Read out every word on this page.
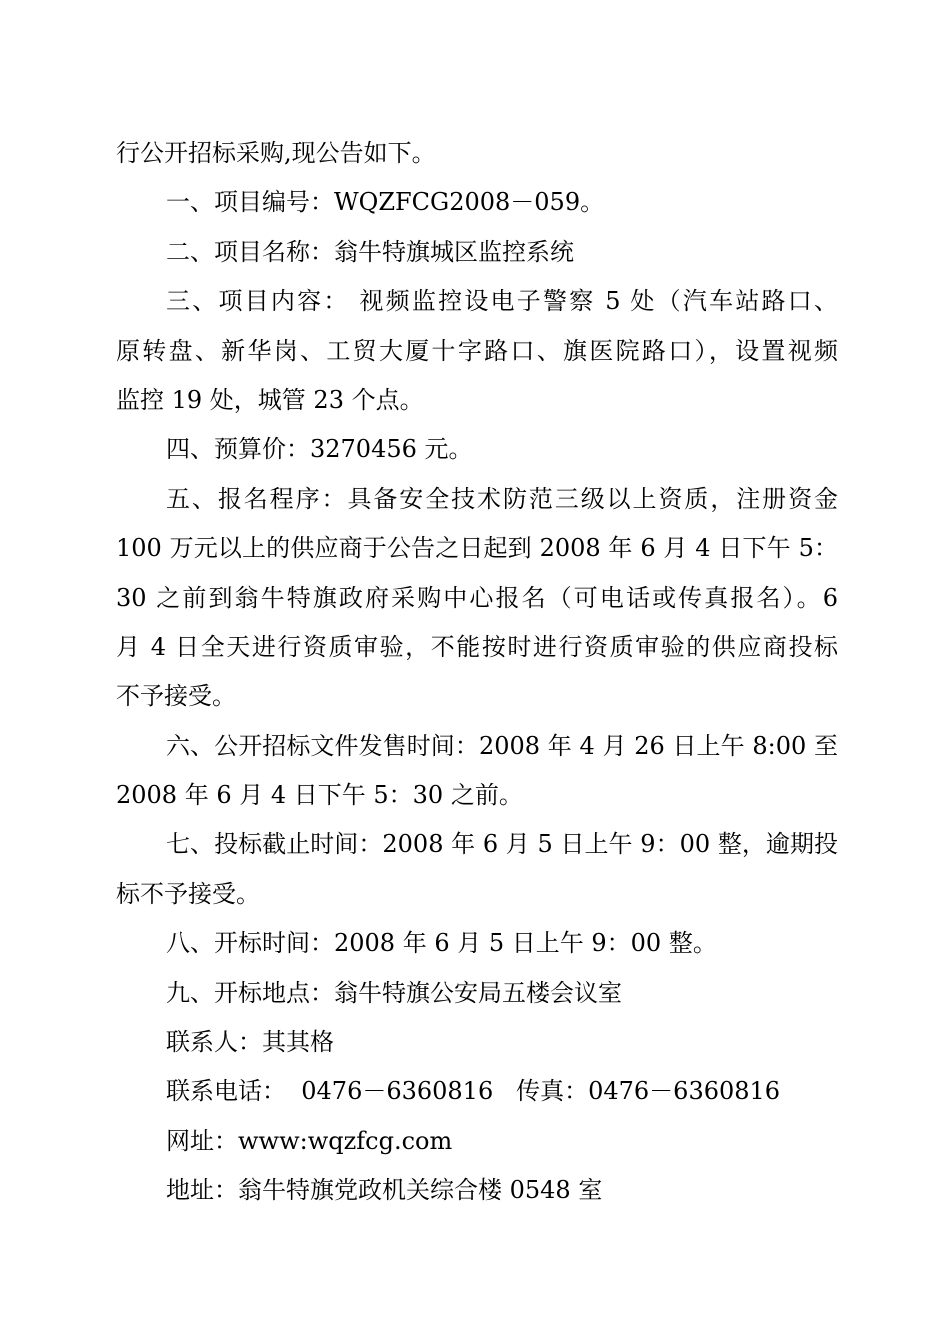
行公开招标采购,现公告如下。
一、项目编号：WQZFCG2008－059。
二、项目名称：翁牛特旗城区监控系统
三、项目内容： 视频监控设电子警察 5 处（汽车站路口、
原转盘、新华岗、工贸大厦十字路口、旗医院路口），设置视频
监控 19 处，城管 23 个点。
四、预算价：3270456 元。
五、报名程序：具备安全技术防范三级以上资质，注册资金
100 万元以上的供应商于公告之日起到 2008 年 6 月 4 日下午 5：
30 之前到翁牛特旗政府采购中心报名（可电话或传真报名）。6
月 4 日全天进行资质审验，不能按时进行资质审验的供应商投标
不予接受。
六、公开招标文件发售时间：2008 年 4 月 26 日上午 8:00 至
2008 年 6 月 4 日下午 5：30 之前。
七、投标截止时间：2008 年 6 月 5 日上午 9：00 整，逾期投
标不予接受。
八、开标时间：2008 年 6 月 5 日上午 9：00 整。
九、开标地点：翁牛特旗公安局五楼会议室
联系人：其其格
联系电话：  0476－6360816   传真：0476－6360816
网址：www:wqzfcg.com
地址：翁牛特旗党政机关综合楼 0548 室
